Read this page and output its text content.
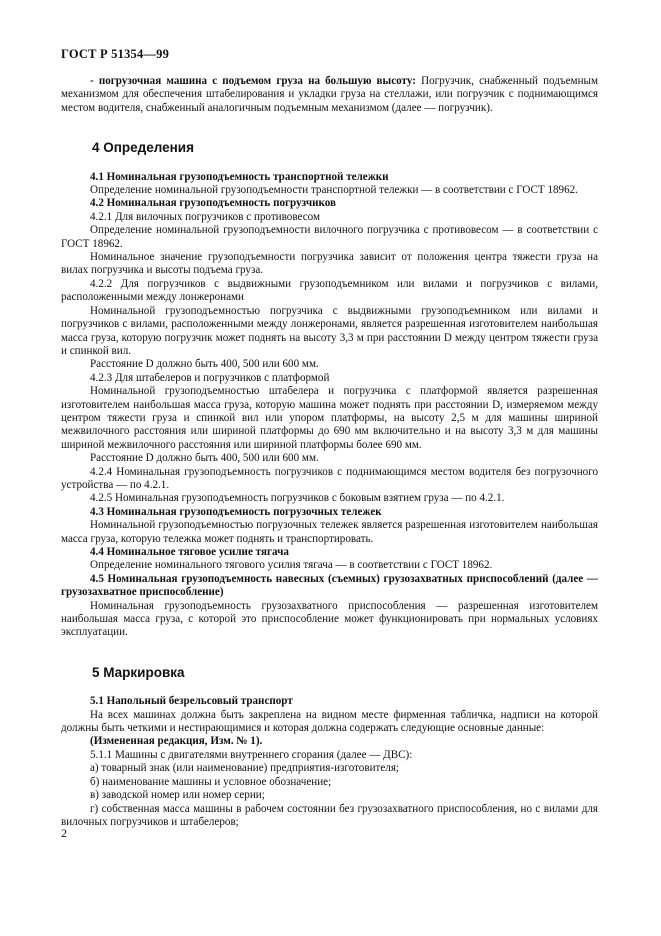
ГОСТ Р 51354—99

- погрузочная машина с подъемом груза на большую высоту: Погрузчик, снабженный подъемным механизмом для обеспечения штабелирования и укладки груза на стеллажи, или погрузчик с поднимающимся местом водителя, снабженный аналогичным подъемным механизмом (далее — погрузчик).

4 Определения

4.1 Номинальная грузоподъемность транспортной тележки

Определение номинальной грузоподъемности транспортной тележки — в соответствии с ГОСТ 18962.

4.2 Номинальная грузоподъемность погрузчиков

4.2.1 Для вилочных погрузчиков с противовесом

Определение номинальной грузоподъемности вилочного погрузчика с противовесом — в соответствии с ГОСТ 18962.

Номинальное значение грузоподъемности погрузчика зависит от положения центра тяжести груза на вилах погрузчика и высоты подъема груза.

4.2.2 Для погрузчиков с выдвижными грузоподъемником или вилами и погрузчиков с вилами, расположенными между лонжеронами

Номинальной грузоподъемностью погрузчика с выдвижными грузоподъемником или вилами и погрузчиков с вилами, расположенными между лонжеронами, является разрешенная изготовителем наибольшая масса груза, которую погрузчик может поднять на высоту 3,3 м при расстоянии D между центром тяжести груза и спинкой вил.

Расстояние D должно быть 400, 500 или 600 мм.

4.2.3 Для штабелеров и погрузчиков с платформой

Номинальной грузоподъемностью штабелера и погрузчика с платформой является разрешенная изготовителем наибольшая масса груза, которую машина может поднять при расстоянии D, измеряемом между центром тяжести груза и спинкой вил или упором платформы, на высоту 2,5 м для машины шириной межвилочного расстояния или шириной платформы до 690 мм включительно и на высоту 3,3 м для машины шириной межвилочного расстояния или шириной платформы более 690 мм.

Расстояние D должно быть 400, 500 или 600 мм.

4.2.4 Номинальная грузоподъемность погрузчиков с поднимающимся местом водителя без погрузочного устройства — по 4.2.1.

4.2.5 Номинальная грузоподъемность погрузчиков с боковым взятием груза — по 4.2.1.

4.3 Номинальная грузоподъемность погрузочных тележек

Номинальной грузоподъемностью погрузочных тележек является разрешенная изготовителем наибольшая масса груза, которую тележка может поднять и транспортировать.

4.4 Номинальное тяговое усилие тягача

Определение номинального тягового усилия тягача — в соответствии с ГОСТ 18962.

4.5 Номинальная грузоподъемность навесных (съемных) грузозахватных приспособлений (далее — грузозахватное приспособление)

Номинальная грузоподъемность грузозахватного приспособления — разрешенная изготовителем наибольшая масса груза, с которой это приспособление может функционировать при нормальных условиях эксплуатации.

5 Маркировка

5.1 Напольный безрельсовый транспорт

На всех машинах должна быть закреплена на видном месте фирменная табличка, надписи на которой должны быть четкими и нестирающимися и которая должна содержать следующие основные данные:

(Измененная редакция, Изм. № 1).

5.1.1 Машины с двигателями внутреннего сгорания (далее — ДВС):

а) товарный знак (или наименование) предприятия-изготовителя;

б) наименование машины и условное обозначение;

в) заводской номер или номер серии;

г) собственная масса машины в рабочем состоянии без грузозахватного приспособления, но с вилами для вилочных погрузчиков и штабелеров;

2
